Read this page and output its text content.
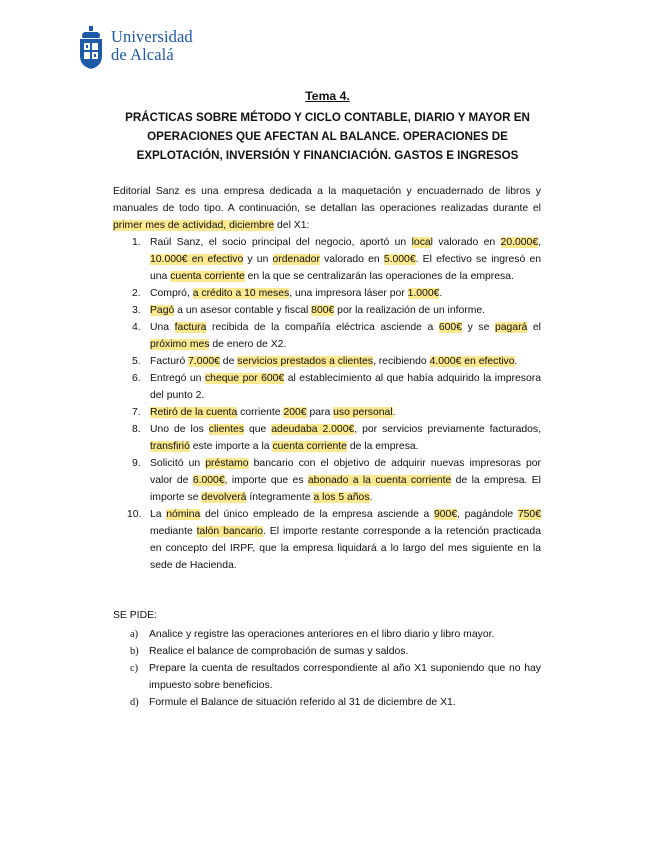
Universidad
de Alcalá
Tema 4.
PRÁCTICAS SOBRE MÉTODO Y CICLO CONTABLE, DIARIO Y MAYOR EN
OPERACIONES QUE AFECTAN AL BALANCE. OPERACIONES DE
EXPLOTACIÓN, INVERSIÓN Y FINANCIACIÓN. GASTOS E INGRESOS
Editorial Sanz es una empresa dedicada a la maquetación y encuadernado de libros y manuales de todo tipo. A continuación, se detallan las operaciones realizadas durante el primer mes de actividad, diciembre del X1:
1. Raúl Sanz, el socio principal del negocio, aportó un local valorado en 20.000€, 10.000€ en efectivo y un ordenador valorado en 5.000€. El efectivo se ingresó en una cuenta corriente en la que se centralizarán las operaciones de la empresa.
2. Compró, a crédito a 10 meses, una impresora láser por 1.000€.
3. Pagó a un asesor contable y fiscal 800€ por la realización de un informe.
4. Una factura recibida de la compañía eléctrica asciende a 600€ y se pagará el próximo mes de enero de X2.
5. Facturó 7.000€ de servicios prestados a clientes, recibiendo 4.000€ en efectivo.
6. Entregó un cheque por 600€ al establecimiento al que había adquirido la impresora del punto 2.
7. Retiró de la cuenta corriente 200€ para uso personal.
8. Uno de los clientes que adeudaba 2.000€, por servicios previamente facturados, transfirió este importe a la cuenta corriente de la empresa.
9. Solicitó un préstamo bancario con el objetivo de adquirir nuevas impresoras por valor de 6.000€, importe que es abonado a la cuenta corriente de la empresa. El importe se devolverá íntegramente a los 5 años.
10. La nómina del único empleado de la empresa asciende a 900€, pagándole 750€ mediante talón bancario. El importe restante corresponde a la retención practicada en concepto del IRPF, que la empresa liquidará a lo largo del mes siguiente en la sede de Hacienda.
SE PIDE:
a) Analice y registre las operaciones anteriores en el libro diario y libro mayor.
b) Realice el balance de comprobación de sumas y saldos.
c) Prepare la cuenta de resultados correspondiente al año X1 suponiendo que no hay impuesto sobre beneficios.
d) Formule el Balance de situación referido al 31 de diciembre de X1.
